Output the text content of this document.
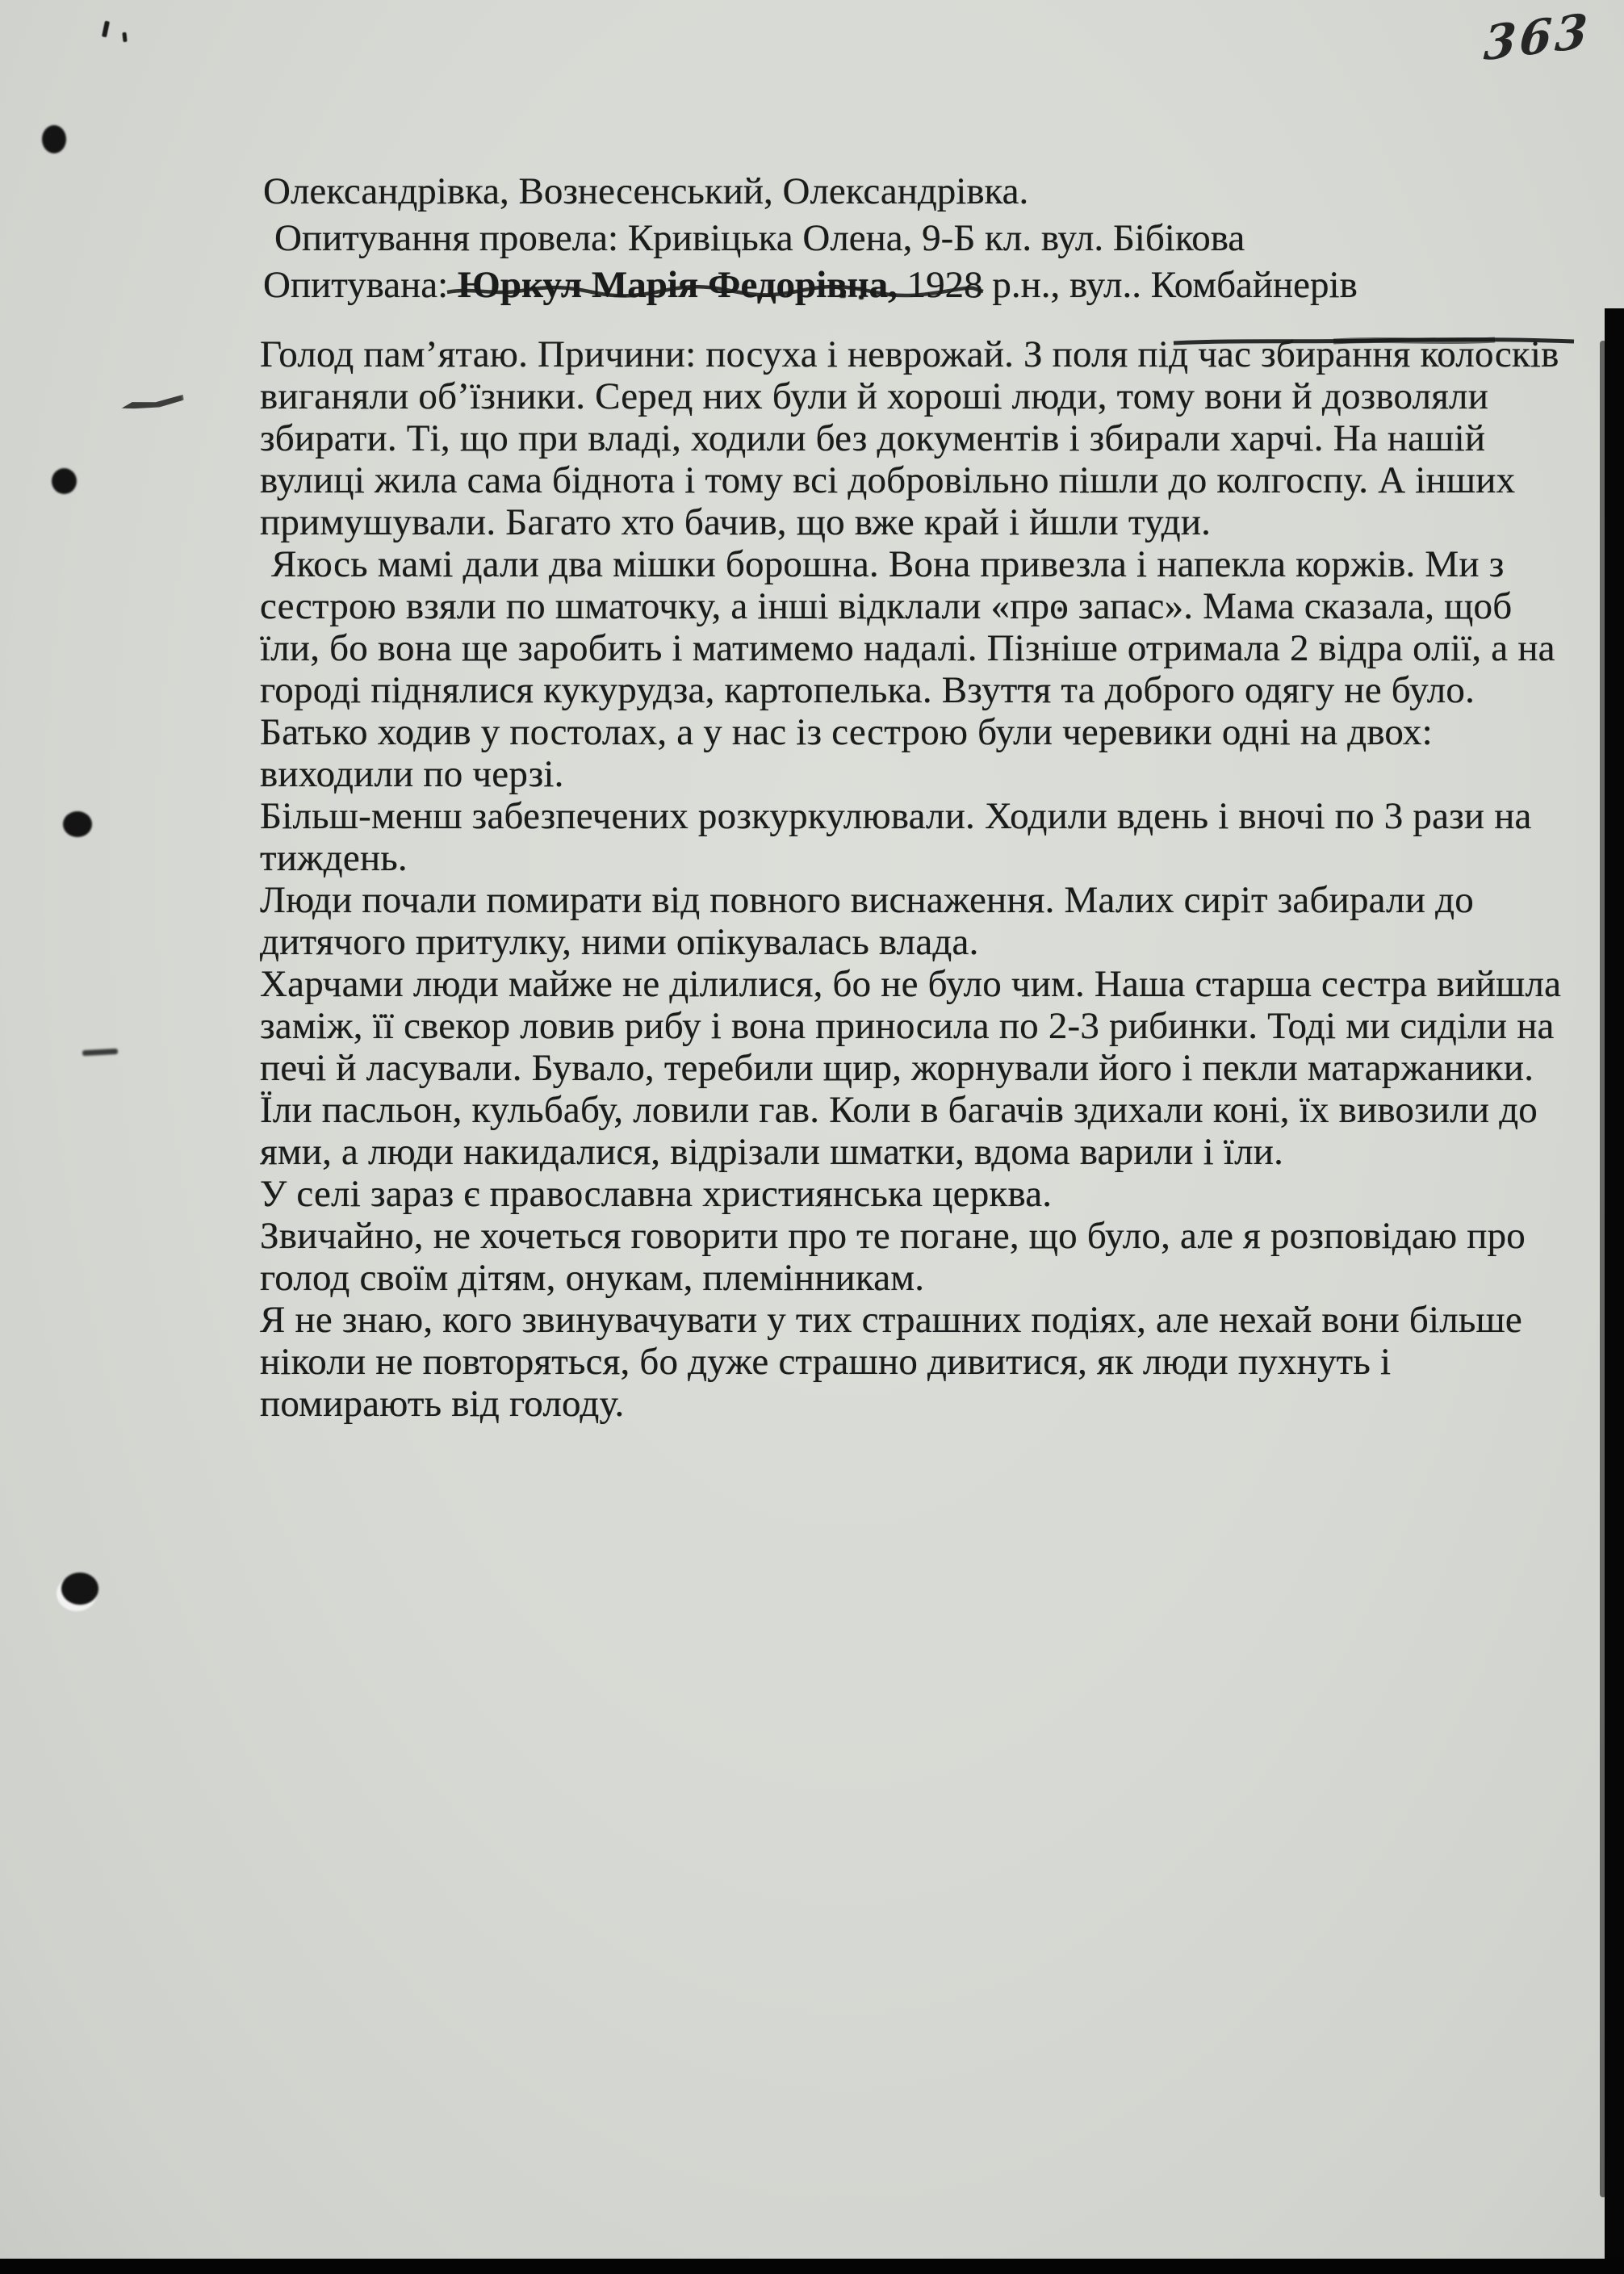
363
Олександрівка, Вознесенський, Олександрівка.
Опитування провела: Кривіцька Олена, 9-Б кл. вул. Бібікова
Опитувана: Юркул Марія Федорівна, 1928 р.н., вул.. Комбайнерів

Голод пам’ятаю. Причини: посуха і неврожай. З поля під час збирання колосків виганяли об’їзники. Серед них були й хороші люди, тому вони й дозволяли збирати. Ті, що при владі, ходили без документів і збирали харчі. На нашій вулиці жила сама біднота і тому всі добровільно пішли до колгоспу. А інших примушували. Багато хто бачив, що вже край і йшли туди.

Якось мамі дали два мішки борошна. Вона привезла і напекла коржів. Ми з сестрою взяли по шматочку, а інші відклали «про запас». Мама сказала, щоб їли, бо вона ще заробить і матимемо надалі. Пізніше отримала 2 відра олії, а на городі піднялися кукурудза, картопелька. Взуття та доброго одягу не було. Батько ходив у постолах, а у нас із сестрою були черевики одні на двох: виходили по черзі.

Більш-менш забезпечених розкуркулювали. Ходили вдень і вночі по 3 рази на тиждень.

Люди почали помирати від повного виснаження. Малих сиріт забирали до дитячого притулку, ними опікувалась влада.

Харчами люди майже не ділилися, бо не було чим. Наша старша сестра вийшла заміж, її свекор ловив рибу і вона приносила по 2-3 рибинки. Тоді ми сиділи на печі й ласували. Бувало, теребили щир, жорнували його і пекли матаржаники. Їли пасльон, кульбабу, ловили гав. Коли в багачів здихали коні, їх вивозили до ями, а люди накидалися, відрізали шматки, вдома варили і їли.

У селі зараз є православна християнська церква.

Звичайно, не хочеться говорити про те погане, що було, але я розповідаю про голод своїм дітям, онукам, племінникам.

Я не знаю, кого звинувачувати у тих страшних подіях, але нехай вони більше ніколи не повторяться, бо дуже страшно дивитися, як люди пухнуть і помирають від голоду.
